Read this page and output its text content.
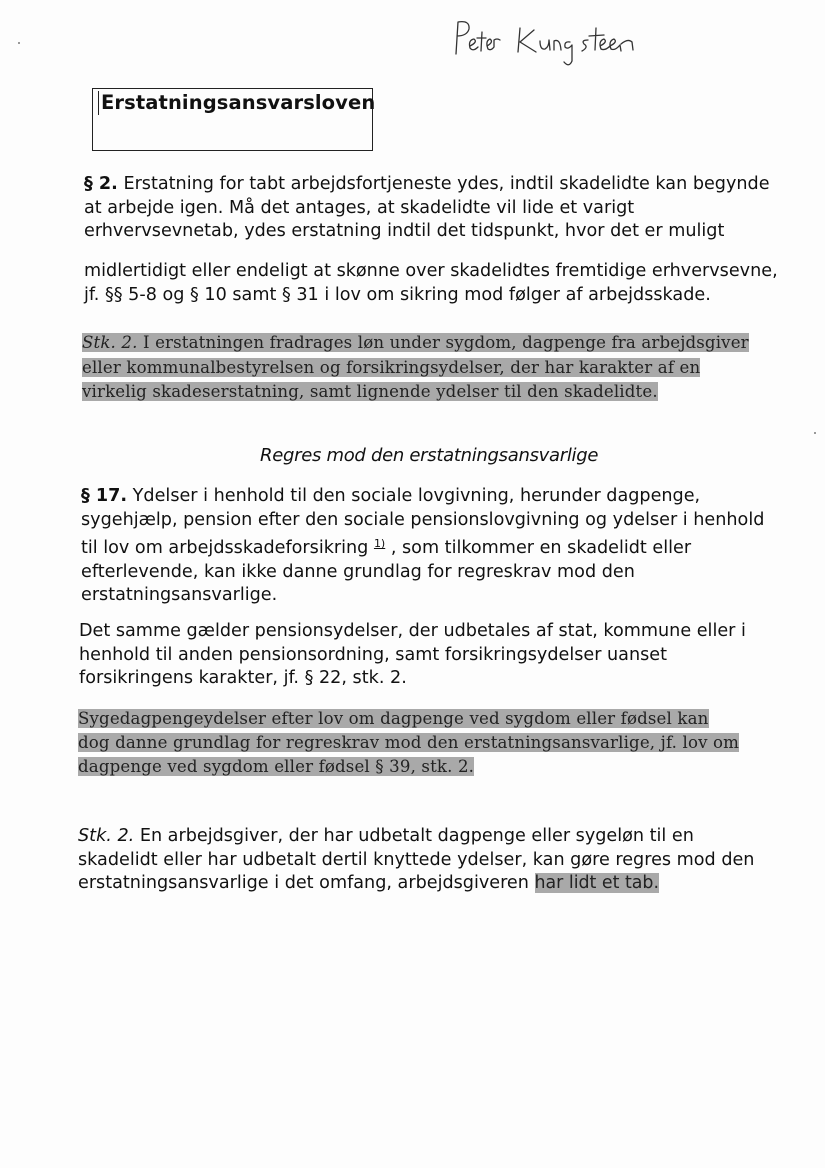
Erstatningsansvarsloven
§ 2. Erstatning for tabt arbejdsfortjeneste ydes, indtil skadelidte kan begynde
at arbejde igen. Må det antages, at skadelidte vil lide et varigt
erhvervsevnetab, ydes erstatning indtil det tidspunkt, hvor det er muligt
midlertidigt eller endeligt at skønne over skadelidtes fremtidige erhvervsevne,
jf. §§ 5-8 og § 10 samt § 31 i lov om sikring mod følger af arbejdsskade.
Stk. 2. I erstatningen fradrages løn under sygdom, dagpenge fra arbejdsgiver
eller kommunalbestyrelsen og forsikringsydelser, der har karakter af en
virkelig skadeserstatning, samt lignende ydelser til den skadelidte.
Regres mod den erstatningsansvarlige
§ 17. Ydelser i henhold til den sociale lovgivning, herunder dagpenge,
sygehjælp, pension efter den sociale pensionslovgivning og ydelser i henhold
til lov om arbejdsskadeforsikring $^{1)}$ , som tilkommer en skadelidt eller
efterlevende, kan ikke danne grundlag for regreskrav mod den
erstatningsansvarlige.
Det samme gælder pensionsydelser, der udbetales af stat, kommune eller i
henhold til anden pensionsordning, samt forsikringsydelser uanset
forsikringens karakter, jf. § 22, stk. 2.
Sygedagpengeydelser efter lov om dagpenge ved sygdom eller fødsel kan
dog danne grundlag for regreskrav mod den erstatningsansvarlige, jf. lov om
dagpenge ved sygdom eller fødsel § 39, stk. 2.
Stk. 2. En arbejdsgiver, der har udbetalt dagpenge eller sygeløn til en
skadelidt eller har udbetalt dertil knyttede ydelser, kan gøre regres mod den
erstatningsansvarlige i det omfang, arbejdsgiveren har lidt et tab.
